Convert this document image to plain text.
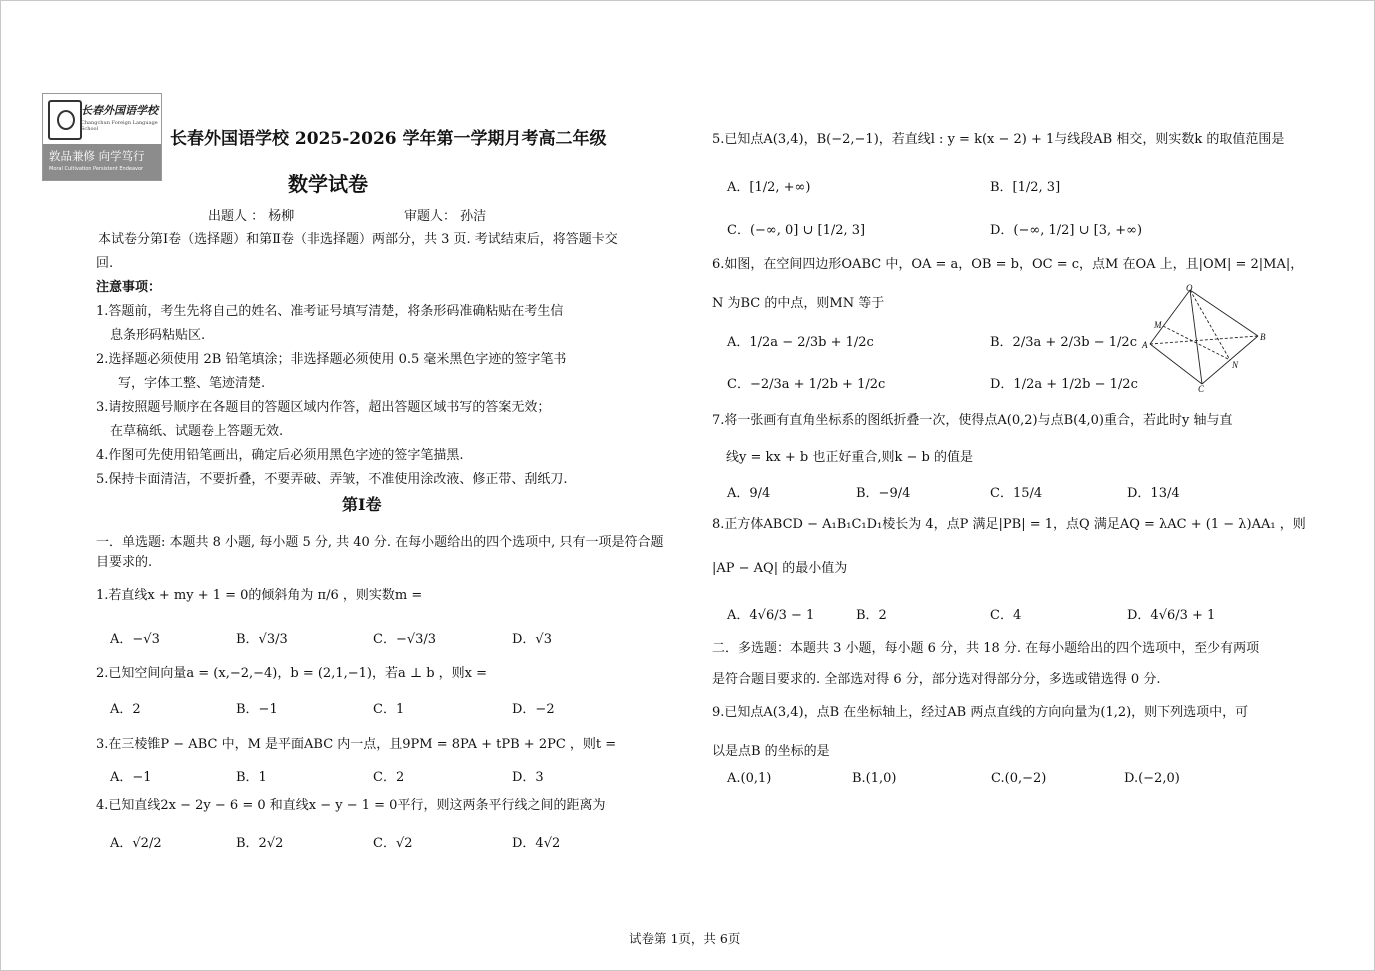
长春外国语学校
Changchun Foreign Language School
敦品兼修 向学笃行
Moral Cultivation Persistent Endeavor
长春外国语学校 2025-2026 学年第一学期月考高二年级
数学试卷
出题人 ： 杨柳	审题人： 孙洁
本试卷分第Ⅰ卷（选择题）和第Ⅱ卷（非选择题）两部分，共 3 页. 考试结束后，将答题卡交
回.
注意事项：
1.答题前，考生先将自己的姓名、准考证号填写清楚，将条形码准确粘贴在考生信
息条形码粘贴区.
2.选择题必须使用 2B 铅笔填涂；非选择题必须使用 0.5 毫米黑色字迹的签字笔书
写，字体工整、笔迹清楚.
3.请按照题号顺序在各题目的答题区域内作答，超出答题区域书写的答案无效；
在草稿纸、试题卷上答题无效.
4.作图可先使用铅笔画出，确定后必须用黑色字迹的签字笔描黑.
5.保持卡面清洁，不要折叠，不要弄破、弄皱，不准使用涂改液、修正带、刮纸刀.
第Ⅰ卷
一．单选题: 本题共 8 小题, 每小题 5 分, 共 40 分. 在每小题给出的四个选项中, 只有一项是符合题
目要求的.
1.若直线x + my + 1 = 0的倾斜角为 π/6 ，则实数m =
A．−√3	B．√3/3	C．−√3/3	D．√3
2.已知空间向量a = (x,−2,−4)，b = (2,1,−1)，若a ⊥ b ，则x =
A．2	B．−1	C．1	D．−2
3.在三棱锥P − ABC 中，M 是平面ABC 内一点，且9PM = 8PA + tPB + 2PC ，则t =
A．−1	B．1	C．2	D．3
4.已知直线2x − 2y − 6 = 0 和直线x − y − 1 = 0平行，则这两条平行线之间的距离为
A．√2/2	B．2√2	C．√2	D．4√2
5.已知点A(3,4)，B(−2,−1)，若直线l : y = k(x − 2) + 1与线段AB 相交，则实数k 的取值范围是
A．[1/2, +∞)	B．[1/2, 3]
C．(−∞, 0] ∪ [1/2, 3]	D．(−∞, 1/2] ∪ [3, +∞)
6.如图，在空间四边形OABC 中，OA = a，OB = b，OC = c，点M 在OA 上，且|OM| = 2|MA|，
N 为BC 的中点，则MN 等于
A．1/2a − 2/3b + 1/2c	B．2/3a + 2/3b − 1/2c
C．−2/3a + 1/2b + 1/2c	D．1/2a + 1/2b − 1/2c
O
M
A
B
N
C
7.将一张画有直角坐标系的图纸折叠一次，使得点A(0,2)与点B(4,0)重合，若此时y 轴与直
线y = kx + b 也正好重合,则k − b 的值是
A．9/4	B．−9/4	C．15/4	D．13/4
8.正方体ABCD − A₁B₁C₁D₁棱长为 4，点P 满足|PB| = 1，点Q 满足AQ = λAC + (1 − λ)AA₁ ，则
|AP − AQ| 的最小值为
A．4√6/3 − 1	B．2	C．4	D．4√6/3 + 1
二．多选题：本题共 3 小题，每小题 6 分，共 18 分. 在每小题给出的四个选项中，至少有两项
是符合题目要求的. 全部选对得 6 分，部分选对得部分分，多选或错选得 0 分.
9.已知点A(3,4)，点B 在坐标轴上，经过AB 两点直线的方向向量为(1,2)，则下列选项中，可
以是点B 的坐标的是
A.(0,1)	B.(1,0)	C.(0,−2)	D.(−2,0)
试卷第 1页，共 6页
